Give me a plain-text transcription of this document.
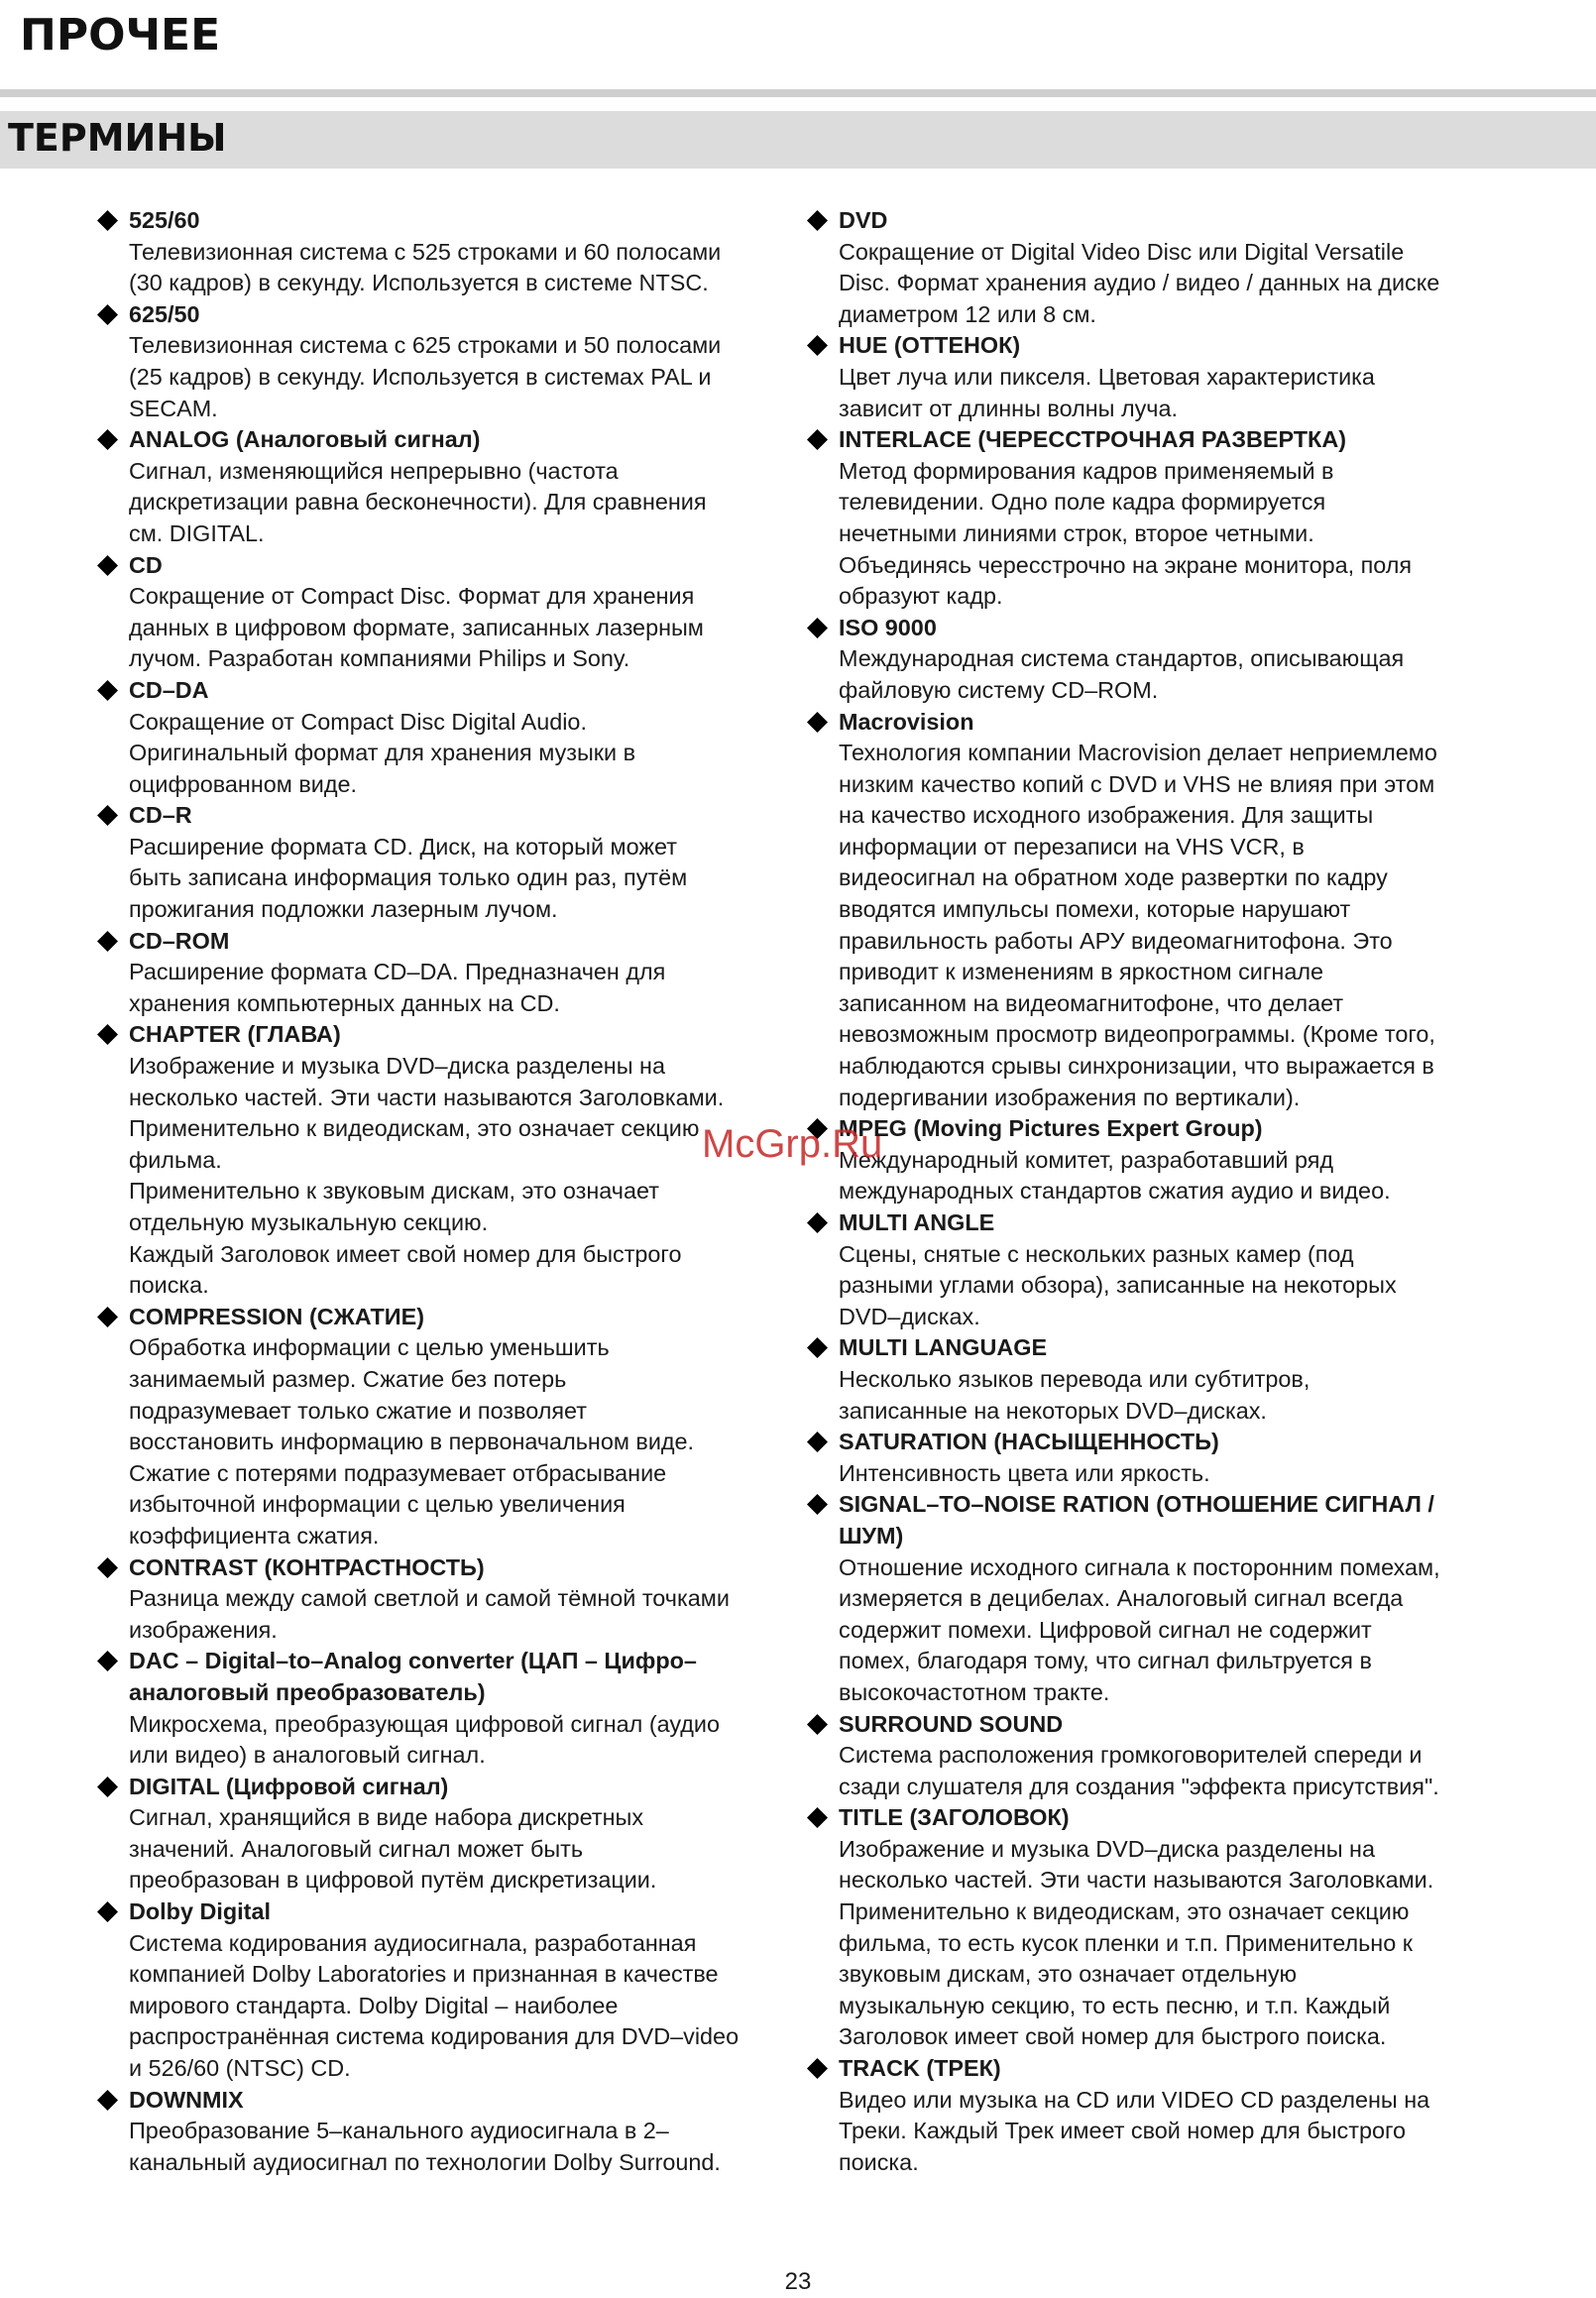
ПРОЧЕЕ
ТЕРМИНЫ
525/60
Телевизионная система с 525 строками и 60 полосами
(30 кадров) в секунду. Используется в системе NTSC.
625/50
Телевизионная система с 625 строками и 50 полосами
(25 кадров) в секунду. Используется в системах PAL и
SECAM.
ANALOG (Аналоговый сигнал)
Сигнал, изменяющийся непрерывно (частота
дискретизации равна бесконечности). Для сравнения
см. DIGITAL.
CD
Сокращение от Compact Disc. Формат для хранения
данных в цифровом формате, записанных лазерным
лучом. Разработан компаниями Philips и Sony.
CD–DA
Сокращение от Compact Disc Digital Audio.
Оригинальный формат для хранения музыки в
оцифрованном виде.
CD–R
Расширение формата CD. Диск, на который может
быть записана информация только один раз, путём
прожигания подложки лазерным лучом.
CD–ROM
Расширение формата CD–DA. Предназначен для
хранения компьютерных данных на CD.
CHAPTER (ГЛАВА)
Изображение и музыка DVD–диска разделены на
несколько частей. Эти части называются Заголовками.
Применительно к видеодискам, это означает секцию
фильма.
Применительно к звуковым дискам, это означает
отдельную музыкальную секцию.
Каждый Заголовок имеет свой номер для быстрого
поиска.
COMPRESSION (СЖАТИЕ)
Обработка информации с целью уменьшить
занимаемый размер. Сжатие без потерь
подразумевает только сжатие и позволяет
восстановить информацию в первоначальном виде.
Сжатие с потерями подразумевает отбрасывание
избыточной информации с целью увеличения
коэффициента сжатия.
CONTRAST (КОНТРАСТНОСТЬ)
Разница между самой светлой и самой тёмной точками
изображения.
DAC – Digital–to–Analog converter (ЦАП – Цифро–
аналоговый преобразователь)
Микросхема, преобразующая цифровой сигнал (аудио
или видео) в аналоговый сигнал.
DIGITAL (Цифровой сигнал)
Сигнал, хранящийся в виде набора дискретных
значений. Аналоговый сигнал может быть
преобразован в цифровой путём дискретизации.
Dolby Digital
Система кодирования аудиосигнала, разработанная
компанией Dolby Laboratories и признанная в качестве
мирового стандарта. Dolby Digital – наиболее
распространённая система кодирования для DVD–video
и 526/60 (NTSC) CD.
DOWNMIX
Преобразование 5–канального аудиосигнала в 2–
канальный аудиосигнал по технологии Dolby Surround.
DVD
Сокращение от Digital Video Disc или Digital Versatile
Disc. Формат хранения аудио / видео / данных на диске
диаметром 12 или 8 см.
HUE (ОТТЕНОК)
Цвет луча или пикселя. Цветовая характеристика
зависит от длинны волны луча.
INTERLACE (ЧЕРЕССТРОЧНАЯ РАЗВЕРТКА)
Метод формирования кадров применяемый в
телевидении. Одно поле кадра формируется
нечетными линиями строк, второе четными.
Объединясь чересстрочно на экране монитора, поля
образуют кадр.
ISO 9000
Международная система стандартов, описывающая
файловую систему CD–ROM.
Macrovision
Технология компании Macrovision делает неприемлемо
низким качество копий с DVD и VHS не влияя при этом
на качество исходного изображения. Для защиты
информации от перезаписи на VHS VCR, в
видеосигнал на обратном ходе развертки по кадру
вводятся импульсы помехи, которые нарушают
правильность работы АРУ видеомагнитофона. Это
приводит к изменениям в яркостном сигнале
записанном на видеомагнитофоне, что делает
невозможным просмотр видеопрограммы. (Кроме того,
наблюдаются срывы синхронизации, что выражается в
подергивании изображения по вертикали).
MPEG (Moving Pictures Expert Group)
Международный комитет, разработавший ряд
международных стандартов сжатия аудио и видео.
MULTI ANGLE
Сцены, снятые с нескольких разных камер (под
разными углами обзора), записанные на некоторых
DVD–дисках.
MULTI LANGUAGE
Несколько языков перевода или субтитров,
записанные на некоторых DVD–дисках.
SATURATION (НАСЫЩЕННОСТЬ)
Интенсивность цвета или яркость.
SIGNAL–TO–NOISE RATION (ОТНОШЕНИЕ СИГНАЛ /
ШУМ)
Отношение исходного сигнала к посторонним помехам,
измеряется в децибелах. Аналоговый сигнал всегда
содержит помехи. Цифровой сигнал не содержит
помех, благодаря тому, что сигнал фильтруется в
высокочастотном тракте.
SURROUND SOUND
Система расположения громкоговорителей спереди и
сзади слушателя для создания "эффекта присутствия".
TITLE (ЗАГОЛОВОК)
Изображение и музыка DVD–диска разделены на
несколько частей. Эти части называются Заголовками.
Применительно к видеодискам, это означает секцию
фильма, то есть кусок пленки и т.п. Применительно к
звуковым дискам, это означает отдельную
музыкальную секцию, то есть песню, и т.п. Каждый
Заголовок имеет свой номер для быстрого поиска.
TRACK (ТРЕК)
Видео или музыка на CD или VIDEO CD разделены на
Треки. Каждый Трек имеет свой номер для быстрого
поиска.
McGrp.Ru
23
